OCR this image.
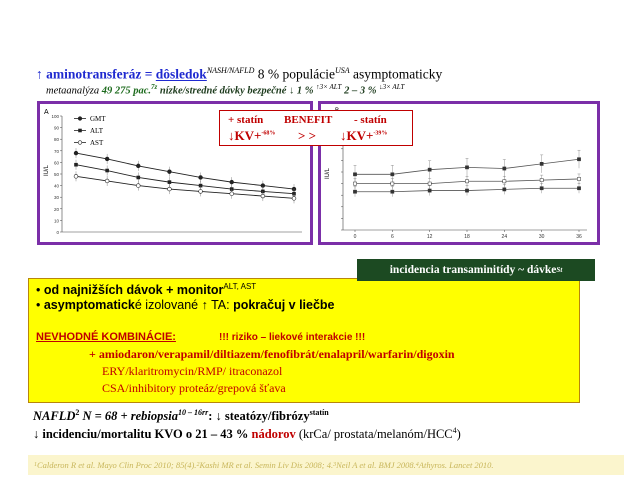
↑ aminotransferáz = dôsledok$^{NASH/NAFLD}$ 8 % populácie$^{USA}$ asymptomaticky
metaanalýza 49 275 pac.$^{7z}$ nízke/stredné dávky bezpečné ↓ 1 % $^{↑3\times ALT}$ 2 – 3 % $^{↓3\times ALT}$
A
IU/L
GMT
ALT
AST
100
90
80
70
60
50
40
30
20
10
0
IU/L
0	6	12	18	24	30	36
+ statín BENEFIT - statín
↓KV+$^{-68\%}$ > > ↓KV+$^{-39\%}$
• od najnižších dávok + monitor$^{ALT, AST}$
• asymptomatické izolované ↑ TA: pokračuj v liečbe
NEVHODNÉ KOMBINÁCIE:	!!! riziko – liekové interakcie !!!
+ amiodaron/verapamil/diltiazem/fenofibrát/enalapril/warfarin/digoxin
ERY/klaritromycin/RMP/ itraconazol
CSA/inhibitory proteáz/grepová šťava
incidencia transaminitídy ~ dávke St
NAFLD$^2$ N = 68 + rebiopsia$^{10 - 16rr}$: ↓ steatózy/fibrózy$^{statín}$
↓ incidenciu/mortalitu KVO o 21 – 43 % nádorov (krCa/ prostata/melanóm/HCC$^4$)
1 Calderon R et al. Mayo Clin Proc 2010; 85(4). 2 Kashi MR et al. Semin Liv Dis 2008; 4. 3 Neil A et al. BMJ 2008. 4 Athyros. Lancet 2010.
